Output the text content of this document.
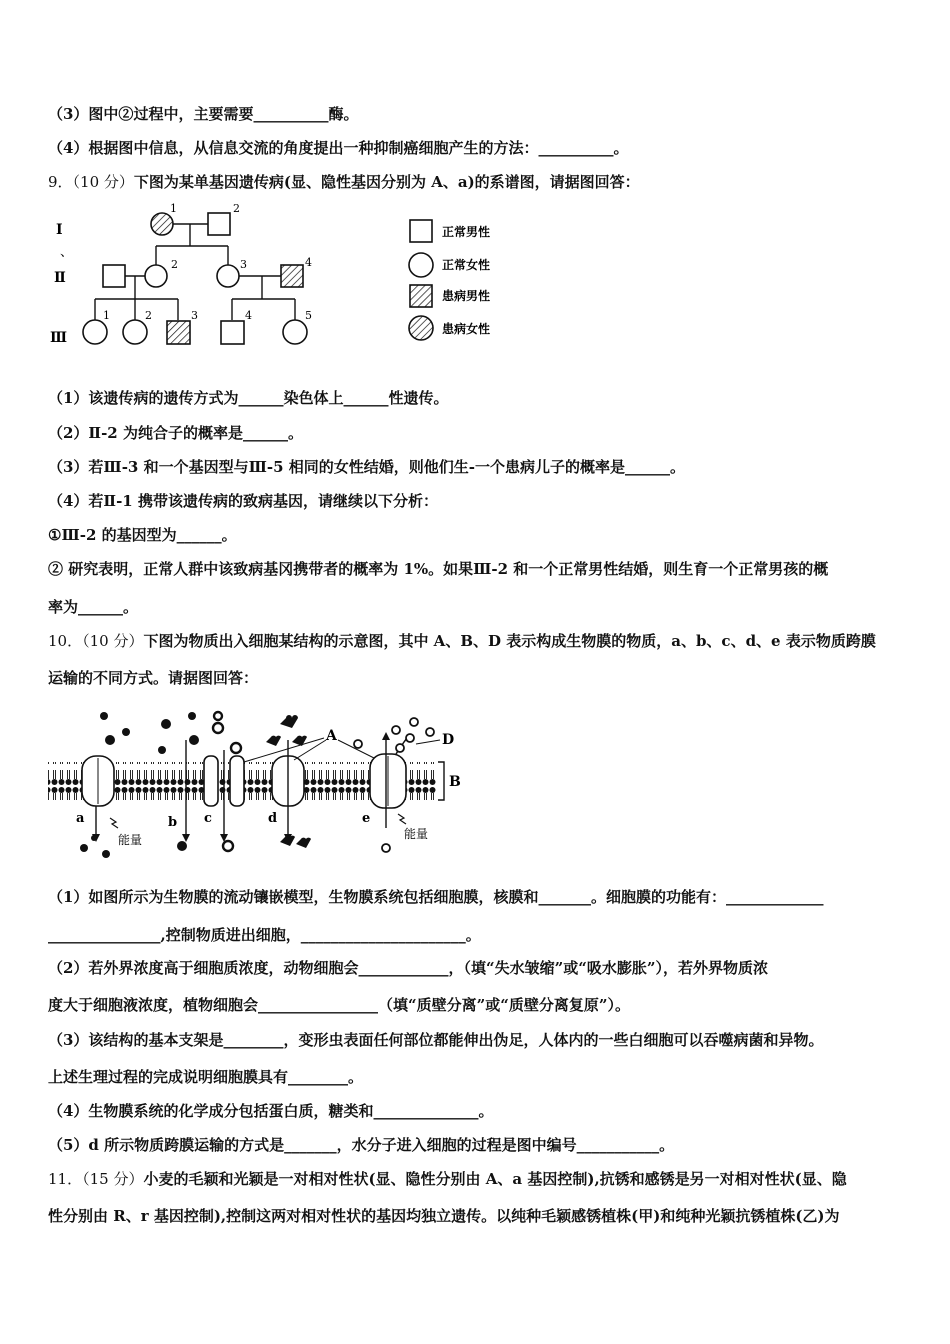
（3）图中②过程中，主要需要__________酶。
（4）根据图中信息，从信息交流的角度提出一种抑制癌细胞产生的方法：__________。
9．（10 分）下图为某单基因遗传病(显、隐性基因分别为 A、a)的系谱图，请据图回答：
Ⅰ
、
Ⅱ
Ⅲ
1	2
2	3	4
1	2	3	4	5
正常男性
正常女性
患病男性
患病女性
（1）该遗传病的遗传方式为______染色体上______性遗传。
（2）Ⅱ-2 为纯合子的概率是______。
（3）若Ⅲ-3 和一个基因型与Ⅲ-5 相同的女性结婚，则他们生-一个患病儿子的概率是______。
（4）若Ⅱ-1 携带该遗传病的致病基因，请继续以下分析：
①Ⅲ-2 的基因型为______。
② 研究表明，正常人群中该致病基冈携带者的概率为 1%。如果Ⅲ-2 和一个正常男性结婚，则生育一个正常男孩的概
率为______。
10．（10 分）下图为物质出入细胞某结构的示意图，其中 A、B、D 表示构成生物膜的物质，a、b、c、d、e 表示物质跨膜
运输的不同方式。请据图回答：
B
A	D
a	b c	d	e
能量	能量
（1）如图所示为生物膜的流动镶嵌模型，生物膜系统包括细胞膜，核膜和_______。细胞膜的功能有：_____________
_______________,控制物质进出细胞，______________________。
（2）若外界浓度高于细胞质浓度，动物细胞会____________，（填“失水皱缩”或“吸水膨胀”），若外界物质浓
度大于细胞液浓度，植物细胞会________________（填“质壁分离”或“质壁分离复原”）。
（3）该结构的基本支架是________，变形虫表面任何部位都能伸出伪足，人体内的一些白细胞可以吞噬病菌和异物。
上述生理过程的完成说明细胞膜具有________。
（4）生物膜系统的化学成分包括蛋白质，糖类和______________。
（5）d 所示物质跨膜运输的方式是_______，水分子进入细胞的过程是图中编号___________。
11．（15 分）小麦的毛颖和光颖是一对相对性状(显、隐性分别由 A、a 基因控制),抗锈和感锈是另一对相对性状(显、隐
性分别由 R、r 基因控制),控制这两对相对性状的基因均独立遗传。以纯种毛颖感锈植株(甲)和纯种光颖抗锈植株(乙)为
